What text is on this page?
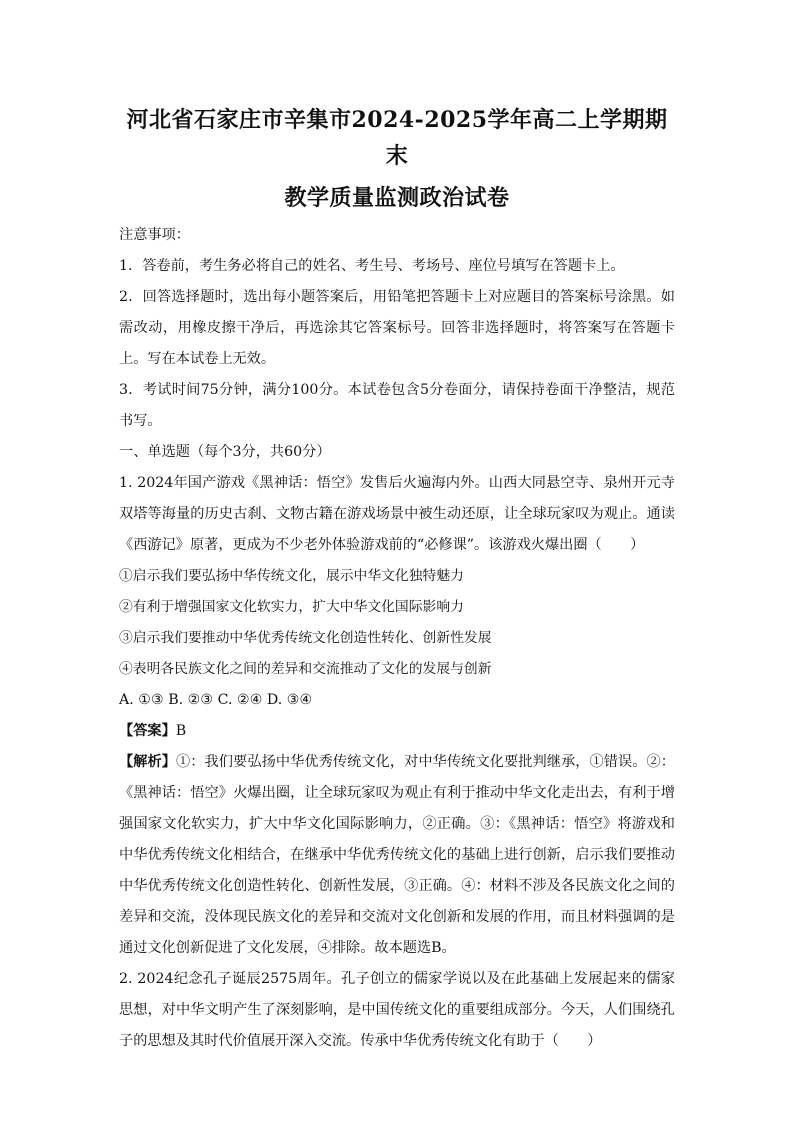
河北省石家庄市辛集市2024-2025学年高二上学期期末
教学质量监测政治试卷

注意事项：

1．答卷前，考生务必将自己的姓名、考生号、考场号、座位号填写在答题卡上。

2．回答选择题时，选出每小题答案后，用铅笔把答题卡上对应题目的答案标号涂黑。如需改动，用橡皮擦干净后，再选涂其它答案标号。回答非选择题时，将答案写在答题卡上。写在本试卷上无效。

3．考试时间75分钟，满分100分。本试卷包含5分卷面分，请保持卷面干净整洁，规范书写。

一、单选题（每个3分，共60分）

1. 2024年国产游戏《黑神话：悟空》发售后火遍海内外。山西大同悬空寺、泉州开元寺双塔等海量的历史古刹、文物古籍在游戏场景中被生动还原，让全球玩家叹为观止。通读《西游记》原著，更成为不少老外体验游戏前的“必修课”。该游戏火爆出圈（　　）

①启示我们要弘扬中华传统文化，展示中华文化独特魅力

②有利于增强国家文化软实力，扩大中华文化国际影响力

③启示我们要推动中华优秀传统文化创造性转化、创新性发展

④表明各民族文化之间的差异和交流推动了文化的发展与创新

A. ①③ B. ②③ C. ②④ D. ③④

【答案】B

【解析】①：我们要弘扬中华优秀传统文化，对中华传统文化要批判继承，①错误。②：《黑神话：悟空》火爆出圈，让全球玩家叹为观止有利于推动中华文化走出去，有利于增强国家文化软实力，扩大中华文化国际影响力，②正确。③：《黑神话：悟空》将游戏和中华优秀传统文化相结合，在继承中华优秀传统文化的基础上进行创新，启示我们要推动中华优秀传统文化创造性转化、创新性发展，③正确。④：材料不涉及各民族文化之间的差异和交流，没体现民族文化的差异和交流对文化创新和发展的作用，而且材料强调的是通过文化创新促进了文化发展，④排除。故本题选B。

2. 2024纪念孔子诞辰2575周年。孔子创立的儒家学说以及在此基础上发展起来的儒家思想，对中华文明产生了深刻影响，是中国传统文化的重要组成部分。今天，人们围绕孔子的思想及其时代价值展开深入交流。传承中华优秀传统文化有助于（　　）
